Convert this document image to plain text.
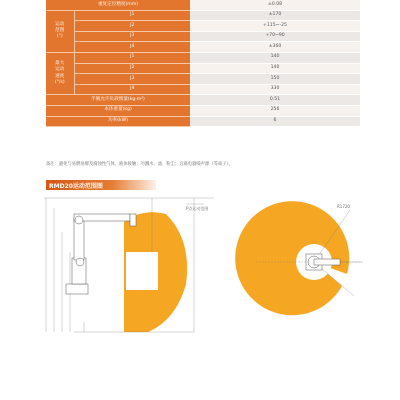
重复定位精度(mm)		±0.08
运动
范围
(°)	J1	±170
	J2	+115~-25
	J3	+70~90
	J4	±360
最大
运动
速度
(°/s)	J1	140
	J2	140
	J3	150
	J4	330
手腕允许负载惯量(kg·m²)		0.51
本体重量(kg)		256
功率(kW)		6
备注：避免与易燃易爆及腐蚀性气体、液体接触；勿溅水、油、粉尘；远离电器噪声源（等离子）。
RMD20运动范围图
P点运动范围	R1720
